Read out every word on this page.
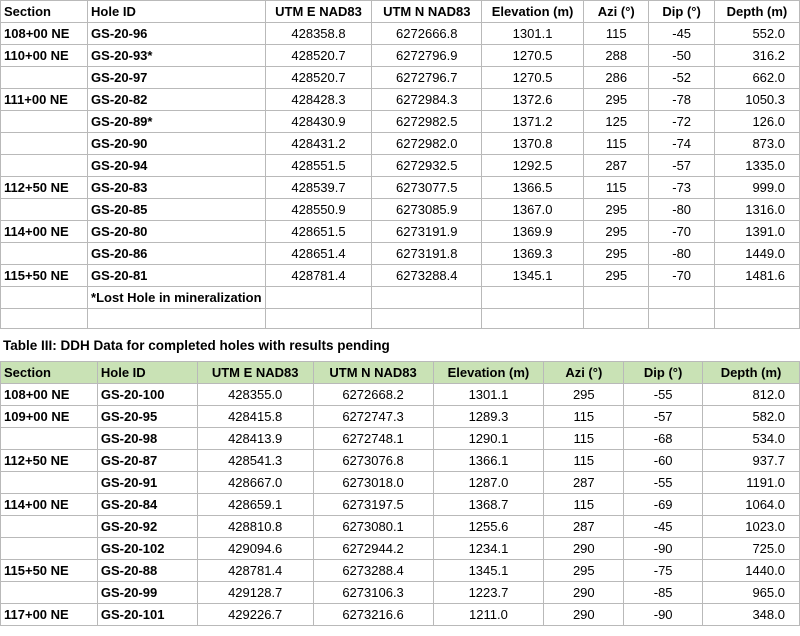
Section	Hole ID	UTM E NAD83	UTM N NAD83	Elevation (m)	Azi (°)	Dip (°)	Depth (m)
108+00 NE	GS-20-96	428358.8	6272666.8	1301.1	115	-45	552.0
110+00 NE	GS-20-93*	428520.7	6272796.9	1270.5	288	-50	316.2
	GS-20-97	428520.7	6272796.7	1270.5	286	-52	662.0
111+00 NE	GS-20-82	428428.3	6272984.3	1372.6	295	-78	1050.3
	GS-20-89*	428430.9	6272982.5	1371.2	125	-72	126.0
	GS-20-90	428431.2	6272982.0	1370.8	115	-74	873.0
	GS-20-94	428551.5	6272932.5	1292.5	287	-57	1335.0
112+50 NE	GS-20-83	428539.7	6273077.5	1366.5	115	-73	999.0
	GS-20-85	428550.9	6273085.9	1367.0	295	-80	1316.0
114+00 NE	GS-20-80	428651.5	6273191.9	1369.9	295	-70	1391.0
	GS-20-86	428651.4	6273191.8	1369.3	295	-80	1449.0
115+50 NE	GS-20-81	428781.4	6273288.4	1345.1	295	-70	1481.6
	*Lost Hole in mineralization						

Table III: DDH Data for completed holes with results pending
Section	Hole ID	UTM E NAD83	UTM N NAD83	Elevation (m)	Azi (°)	Dip (°)	Depth (m)
108+00 NE	GS-20-100	428355.0	6272668.2	1301.1	295	-55	812.0
109+00 NE	GS-20-95	428415.8	6272747.3	1289.3	115	-57	582.0
	GS-20-98	428413.9	6272748.1	1290.1	115	-68	534.0
112+50 NE	GS-20-87	428541.3	6273076.8	1366.1	115	-60	937.7
	GS-20-91	428667.0	6273018.0	1287.0	287	-55	1191.0
114+00 NE	GS-20-84	428659.1	6273197.5	1368.7	115	-69	1064.0
	GS-20-92	428810.8	6273080.1	1255.6	287	-45	1023.0
	GS-20-102	429094.6	6272944.2	1234.1	290	-90	725.0
115+50 NE	GS-20-88	428781.4	6273288.4	1345.1	295	-75	1440.0
	GS-20-99	429128.7	6273106.3	1223.7	290	-85	965.0
117+00 NE	GS-20-101	429226.7	6273216.6	1211.0	290	-90	348.0
